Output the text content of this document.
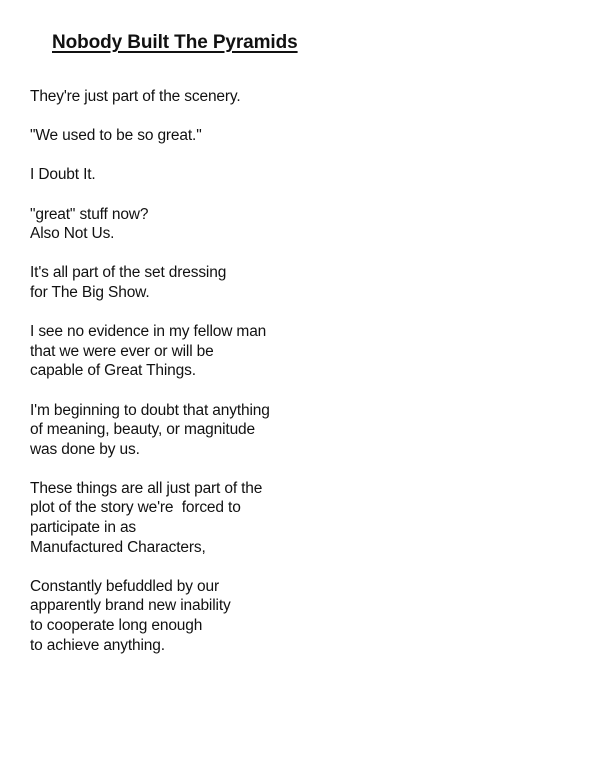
Nobody Built The Pyramids
They're just part of the scenery.
"We used to be so great."
I Doubt It.
"great" stuff now?
Also Not Us.
It's all part of the set dressing
for The Big Show.
I see no evidence in my fellow man
that we were ever or will be
capable of Great Things.
I'm beginning to doubt that anything
of meaning, beauty, or magnitude
was done by us.
These things are all just part of the
plot of the story we're  forced to
participate in as
Manufactured Characters,
Constantly befuddled by our
apparently brand new inability
to cooperate long enough
to achieve anything.
